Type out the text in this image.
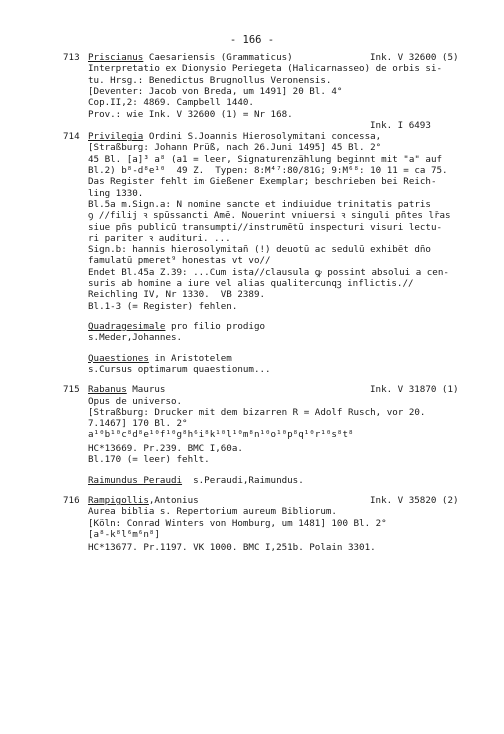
- 166 -
713 Priscianus Caesariensis (Grammaticus)	Ink. V 32600 (5)
Interpretatio ex Dionysio Periegeta (Halicarnasseo) de orbis si-
tu. Hrsg.: Benedictus Brugnollus Veronensis.
[Deventer: Jacob von Breda, um 1491] 20 Bl. 4°
Cop.II,2: 4869. Campbell 1440.
Prov.: wie Ink. V 32600 (1) = Nr 168.
Ink. I 6493
714 Privilegia Ordini S.Joannis Hierosolymitani concessa,
[Straßburg: Johann Prüß, nach 26.Juni 1495] 45 Bl. 2°
45 Bl. [a]³ a⁸ (a1 = leer, Signaturenzählung beginnt mit "a" auf
Bl.2) b⁸-d⁸e¹⁰  49 Z.  Typen: 8:M⁴⁷:80/81G; 9:M⁶⁸: 10 11 = ca 75.
Das Register fehlt im Gießener Exemplar; beschrieben bei Reich-
ling 1330.
Bl.5a m.Sign.a: N nomine sancte et indiuidue trinitatis patris
ꝯ //filij ꝛ spūssancti Amē. Nouerint vniuersi ꝛ singuli pñtes lr̄as
siue pñs publicū transumpti//instrumētū inspecturi visuri lectu-
ri pariter ꝛ audituri. ...
Sign.b: hannis hierosolymitañ (!) deuotū ac sedulū exhibēt dño
famulatū pmeret⁹ honestas vt vo//
Endet Bl.45a Z.39: ...Cum ista//clausula ꝙ possint absolui a cen-
suris ab homine a iure vel alias qualitercunqꝫ inflictis.//
Reichling IV, Nr 1330.  VB 2389.
Bl.1-3 (= Register) fehlen.
Quadragesimale pro filio prodigo
s.Meder,Johannes.
Quaestiones in Aristotelem
s.Cursus optimarum quaestionum...
715 Rabanus Maurus	Ink. V 31870 (1)
Opus de universo.
[Straßburg: Drucker mit dem bizarren R = Adolf Rusch, vor 20.
7.1467] 170 Bl. 2°
a¹⁰b¹⁰c⁸d⁸e¹⁰f¹⁰g⁸h⁶i⁸k¹⁰l¹⁰m⁸n¹⁰o¹⁰p⁸q¹⁰r¹⁰s⁸t⁸
HC*13669. Pr.239. BMC I,60a.
Bl.170 (= leer) fehlt.
Raimundus Peraudi  s.Peraudi,Raimundus.
716 Rampigollis,Antonius	Ink. V 35820 (2)
Aurea biblia s. Repertorium aureum Bibliorum.
[Köln: Conrad Winters von Homburg, um 1481] 100 Bl. 2°
[a⁸-k⁸l⁶m⁶n⁸]
HC*13677. Pr.1197. VK 1000. BMC I,251b. Polain 3301.
